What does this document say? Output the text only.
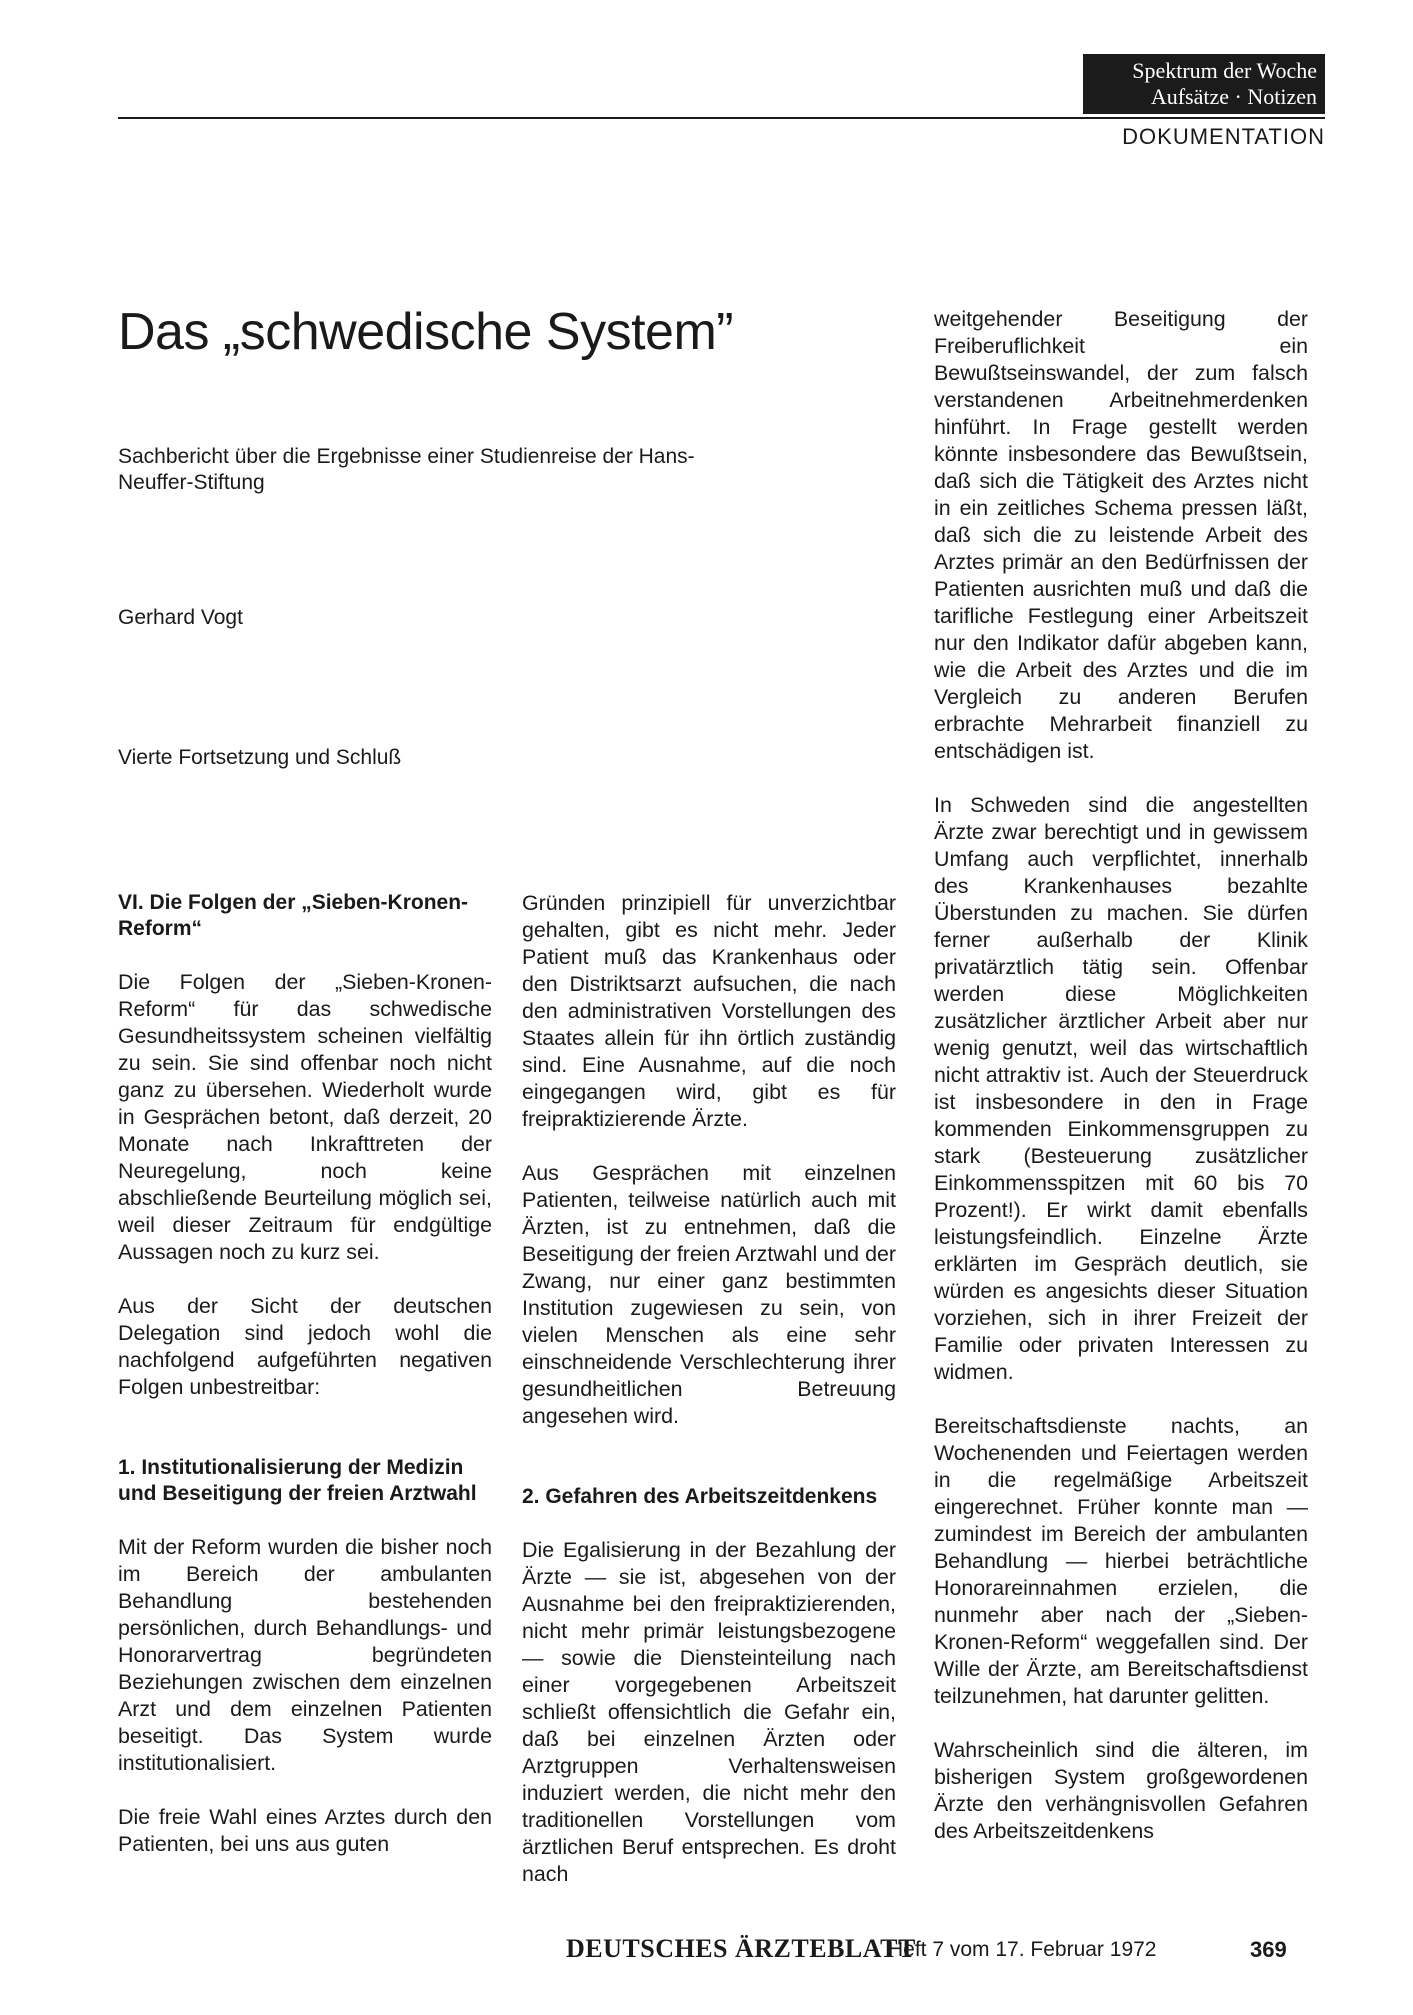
Spektrum der Woche
Aufsätze · Notizen
DOKUMENTATION
Das „schwedische System”
Sachbericht über die Ergebnisse einer Studienreise der Hans-Neuffer-Stiftung
Gerhard Vogt
Vierte Fortsetzung und Schluß
VI. Die Folgen der „Sieben-Kronen-Reform“

Die Folgen der „Sieben-Kronen-Reform“ für das schwedische Gesundheitssystem scheinen vielfältig zu sein. Sie sind offenbar noch nicht ganz zu übersehen. Wiederholt wurde in Gesprächen betont, daß derzeit, 20 Monate nach Inkrafttreten der Neuregelung, noch keine abschließende Beurteilung möglich sei, weil dieser Zeitraum für endgültige Aussagen noch zu kurz sei.

Aus der Sicht der deutschen Delegation sind jedoch wohl die nachfolgend aufgeführten negativen Folgen unbestreitbar:

1. Institutionalisierung der Medizin und Beseitigung der freien Arztwahl

Mit der Reform wurden die bisher noch im Bereich der ambulanten Behandlung bestehenden persönlichen, durch Behandlungs- und Honorarvertrag begründeten Beziehungen zwischen dem einzelnen Arzt und dem einzelnen Patienten beseitigt. Das System wurde institutionalisiert.

Die freie Wahl eines Arztes durch den Patienten, bei uns aus guten

Gründen prinzipiell für unverzichtbar gehalten, gibt es nicht mehr. Jeder Patient muß das Krankenhaus oder den Distriktsarzt aufsuchen, die nach den administrativen Vorstellungen des Staates allein für ihn örtlich zuständig sind. Eine Ausnahme, auf die noch eingegangen wird, gibt es für freipraktizierende Ärzte.

Aus Gesprächen mit einzelnen Patienten, teilweise natürlich auch mit Ärzten, ist zu entnehmen, daß die Beseitigung der freien Arztwahl und der Zwang, nur einer ganz bestimmten Institution zugewiesen zu sein, von vielen Menschen als eine sehr einschneidende Verschlechterung ihrer gesundheitlichen Betreuung angesehen wird.

2. Gefahren des Arbeitszeitdenkens

Die Egalisierung in der Bezahlung der Ärzte — sie ist, abgesehen von der Ausnahme bei den freipraktizierenden, nicht mehr primär leistungsbezogene — sowie die Diensteinteilung nach einer vorgegebenen Arbeitszeit schließt offensichtlich die Gefahr ein, daß bei einzelnen Ärzten oder Arztgruppen Verhaltensweisen induziert werden, die nicht mehr den traditionellen Vorstellungen vom ärztlichen Beruf entsprechen. Es droht nach

weitgehender Beseitigung der Freiberuflichkeit ein Bewußtseinswandel, der zum falsch verstandenen Arbeitnehmerdenken hinführt. In Frage gestellt werden könnte insbesondere das Bewußtsein, daß sich die Tätigkeit des Arztes nicht in ein zeitliches Schema pressen läßt, daß sich die zu leistende Arbeit des Arztes primär an den Bedürfnissen der Patienten ausrichten muß und daß die tarifliche Festlegung einer Arbeitszeit nur den Indikator dafür abgeben kann, wie die Arbeit des Arztes und die im Vergleich zu anderen Berufen erbrachte Mehrarbeit finanziell zu entschädigen ist.

In Schweden sind die angestellten Ärzte zwar berechtigt und in gewissem Umfang auch verpflichtet, innerhalb des Krankenhauses bezahlte Überstunden zu machen. Sie dürfen ferner außerhalb der Klinik privatärztlich tätig sein. Offenbar werden diese Möglichkeiten zusätzlicher ärztlicher Arbeit aber nur wenig genutzt, weil das wirtschaftlich nicht attraktiv ist. Auch der Steuerdruck ist insbesondere in den in Frage kommenden Einkommensgruppen zu stark (Besteuerung zusätzlicher Einkommensspitzen mit 60 bis 70 Prozent!). Er wirkt damit ebenfalls leistungsfeindlich. Einzelne Ärzte erklärten im Gespräch deutlich, sie würden es angesichts dieser Situation vorziehen, sich in ihrer Freizeit der Familie oder privaten Interessen zu widmen.

Bereitschaftsdienste nachts, an Wochenenden und Feiertagen werden in die regelmäßige Arbeitszeit eingerechnet. Früher konnte man — zumindest im Bereich der ambulanten Behandlung — hierbei beträchtliche Honorareinnahmen erzielen, die nunmehr aber nach der „Sieben-Kronen-Reform“ weggefallen sind. Der Wille der Ärzte, am Bereitschaftsdienst teilzunehmen, hat darunter gelitten.

Wahrscheinlich sind die älteren, im bisherigen System großgewordenen Ärzte den verhängnisvollen Gefahren des Arbeitszeitdenkens

DEUTSCHES ÄRZTEBLATT
Heft 7 vom 17. Februar 1972	369
